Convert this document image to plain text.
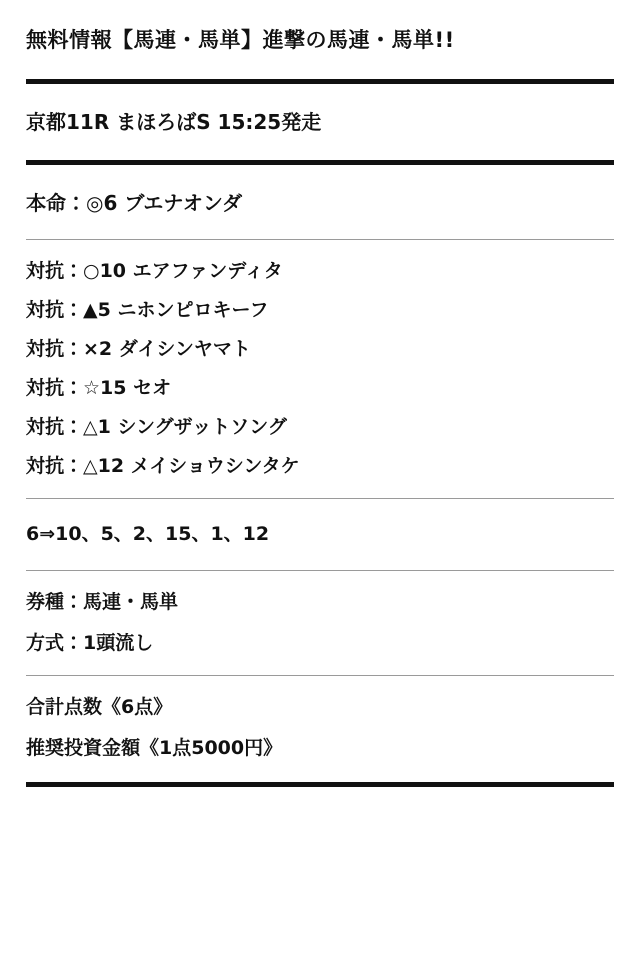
無料情報【馬連・馬単】進撃の馬連・馬単!!

京都11R まほろばS 15:25発走

本命：◎6 ブエナオンダ

対抗：○10 エアファンディタ
対抗：▲5 ニホンピロキーフ
対抗：×2 ダイシンヤマト
対抗：☆15 セオ
対抗：△1 シングザットソング
対抗：△12 メイショウシンタケ

6⇒10、5、2、15、1、12

券種：馬連・馬単

方式：1頭流し

合計点数《6点》

推奨投資金額《1点5000円》
